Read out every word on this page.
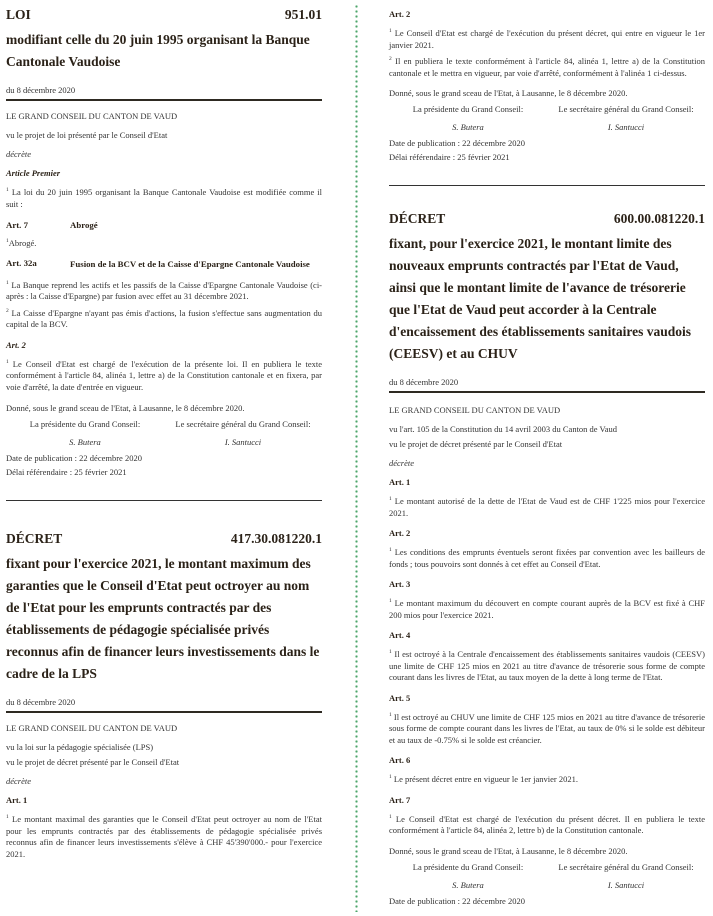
LOI	951.01
modifiant celle du 20 juin 1995 organisant la Banque Cantonale Vaudoise
du 8 décembre 2020
LE GRAND CONSEIL DU CANTON DE VAUD
vu le projet de loi présenté par le Conseil d'Etat
décrète
Article Premier

$^1$ La loi du 20 juin 1995 organisant la Banque Cantonale Vaudoise est modifiée comme il suit :

Art. 7	Abrogé

$^1$Abrogé.

Art. 32a	Fusion de la BCV et de la Caisse d'Epargne Cantonale Vaudoise

$^1$ La Banque reprend les actifs et les passifs de la Caisse d'Epargne Cantonale Vaudoise (ci-après : la Caisse d'Epargne) par fusion avec effet au 31 décembre 2021.

$^2$ La Caisse d'Epargne n'ayant pas émis d'actions, la fusion s'effectue sans augmentation du capital de la BCV.

Art. 2

$^1$ Le Conseil d'Etat est chargé de l'exécution de la présente loi. Il en publiera le texte conformément à l'article 84, alinéa 1, lettre a) de la Constitution cantonale et en fixera, par voie d'arrêté, la date d'entrée en vigueur.

Donné, sous le grand sceau de l'Etat, à Lausanne, le 8 décembre 2020.
La présidente du Grand Conseil:	Le secrétaire général du Grand Conseil:
S. Butera	I. Santucci
Date de publication : 22 décembre 2020
Délai référendaire : 25 février 2021
DÉCRET	417.30.081220.1
fixant pour l'exercice 2021, le montant maximum des garanties que le Conseil d'Etat peut octroyer au nom de l'Etat pour les emprunts contractés par des établissements de pédagogie spécialisée privés reconnus afin de financer leurs investissements dans le cadre de la LPS
du 8 décembre 2020
LE GRAND CONSEIL DU CANTON DE VAUD
vu la loi sur la pédagogie spécialisée (LPS)
vu le projet de décret présenté par le Conseil d'Etat
décrète
Art. 1

$^1$ Le montant maximal des garanties que le Conseil d'Etat peut octroyer au nom de l'Etat pour les emprunts contractés par des établissements de pédagogie spécialisée privés reconnus afin de financer leurs investissements s'élève à CHF 45'390'000.- pour l'exercice 2021.

Art. 2

$^1$ Le Conseil d'Etat est chargé de l'exécution du présent décret, qui entre en vigueur le 1er janvier 2021.

$^2$ Il en publiera le texte conformément à l'article 84, alinéa 1, lettre a) de la Constitution cantonale et le mettra en vigueur, par voie d'arrêté, conformément à l'alinéa 1 ci-dessus.

Donné, sous le grand sceau de l'Etat, à Lausanne, le 8 décembre 2020.
La présidente du Grand Conseil:	Le secrétaire général du Grand Conseil:
S. Butera	I. Santucci
Date de publication : 22 décembre 2020
Délai référendaire : 25 février 2021
DÉCRET	600.00.081220.1
fixant, pour l'exercice 2021, le montant limite des nouveaux emprunts contractés par l'Etat de Vaud, ainsi que le montant limite de l'avance de trésorerie que l'Etat de Vaud peut accorder à la Centrale d'encaissement des établissements sanitaires vaudois (CEESV) et au CHUV
du 8 décembre 2020
LE GRAND CONSEIL DU CANTON DE VAUD
vu l'art. 105 de la Constitution du 14 avril 2003 du Canton de Vaud
vu le projet de décret présenté par le Conseil d'Etat
décrète
Art. 1

$^1$ Le montant autorisé de la dette de l'Etat de Vaud est de CHF 1'225 mios pour l'exercice 2021.

Art. 2

$^1$ Les conditions des emprunts éventuels seront fixées par convention avec les bailleurs de fonds ; tous pouvoirs sont donnés à cet effet au Conseil d'Etat.

Art. 3

$^1$ Le montant maximum du découvert en compte courant auprès de la BCV est fixé à CHF 200 mios pour l'exercice 2021.

Art. 4

$^1$ Il est octroyé à la Centrale d'encaissement des établissements sanitaires vaudois (CEESV) une limite de CHF 125 mios en 2021 au titre d'avance de trésorerie sous forme de compte courant dans les livres de l'Etat, au taux moyen de la dette à long terme de l'Etat.

Art. 5

$^1$ Il est octroyé au CHUV une limite de CHF 125 mios en 2021 au titre d'avance de trésorerie sous forme de compte courant dans les livres de l'Etat, au taux de 0% si le solde est débiteur et au taux de -0.75% si le solde est créancier.

Art. 6

$^1$ Le présent décret entre en vigueur le 1er janvier 2021.

Art. 7

$^1$ Le Conseil d'Etat est chargé de l'exécution du présent décret. Il en publiera le texte conformément à l'article 84, alinéa 2, lettre b) de la Constitution cantonale.

Donné, sous le grand sceau de l'Etat, à Lausanne, le 8 décembre 2020.
La présidente du Grand Conseil:	Le secrétaire général du Grand Conseil:
S. Butera	I. Santucci
Date de publication : 22 décembre 2020
